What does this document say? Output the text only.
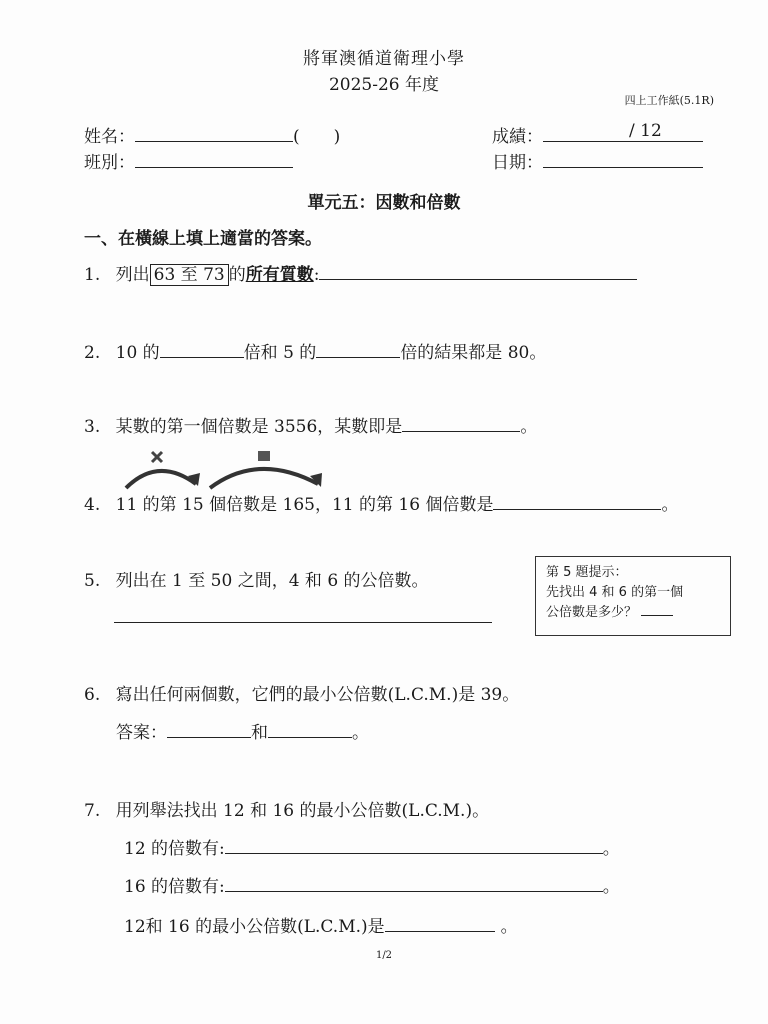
將軍澳循道衛理小學
2025-26 年度
四上工作紙(5.1R)
姓名：	( )
班別：
成績：	/ 12
日期：
單元五：因數和倍數
一、在橫線上填上適當的答案。
1. 列出 63 至 73 的所有質數:
2. 10 的	倍和 5 的	倍的結果都是 80。
3. 某數的第一個倍數是 3556，某數即是	。
4. 11 的第 15 個倍數是 165，11 的第 16 個倍數是	。
5. 列出在 1 至 50 之間，4 和 6 的公倍數。	第 5 題提示：
先找出 4 和 6 的第一個
公倍數是多少？
6. 寫出任何兩個數，它們的最小公倍數(L.C.M.)是 39。
答案：	和	。
7. 用列舉法找出 12 和 16 的最小公倍數(L.C.M.)。
12 的倍數有:	。
16 的倍數有:	。
12和 16 的最小公倍數(L.C.M.)是	。
1/2
